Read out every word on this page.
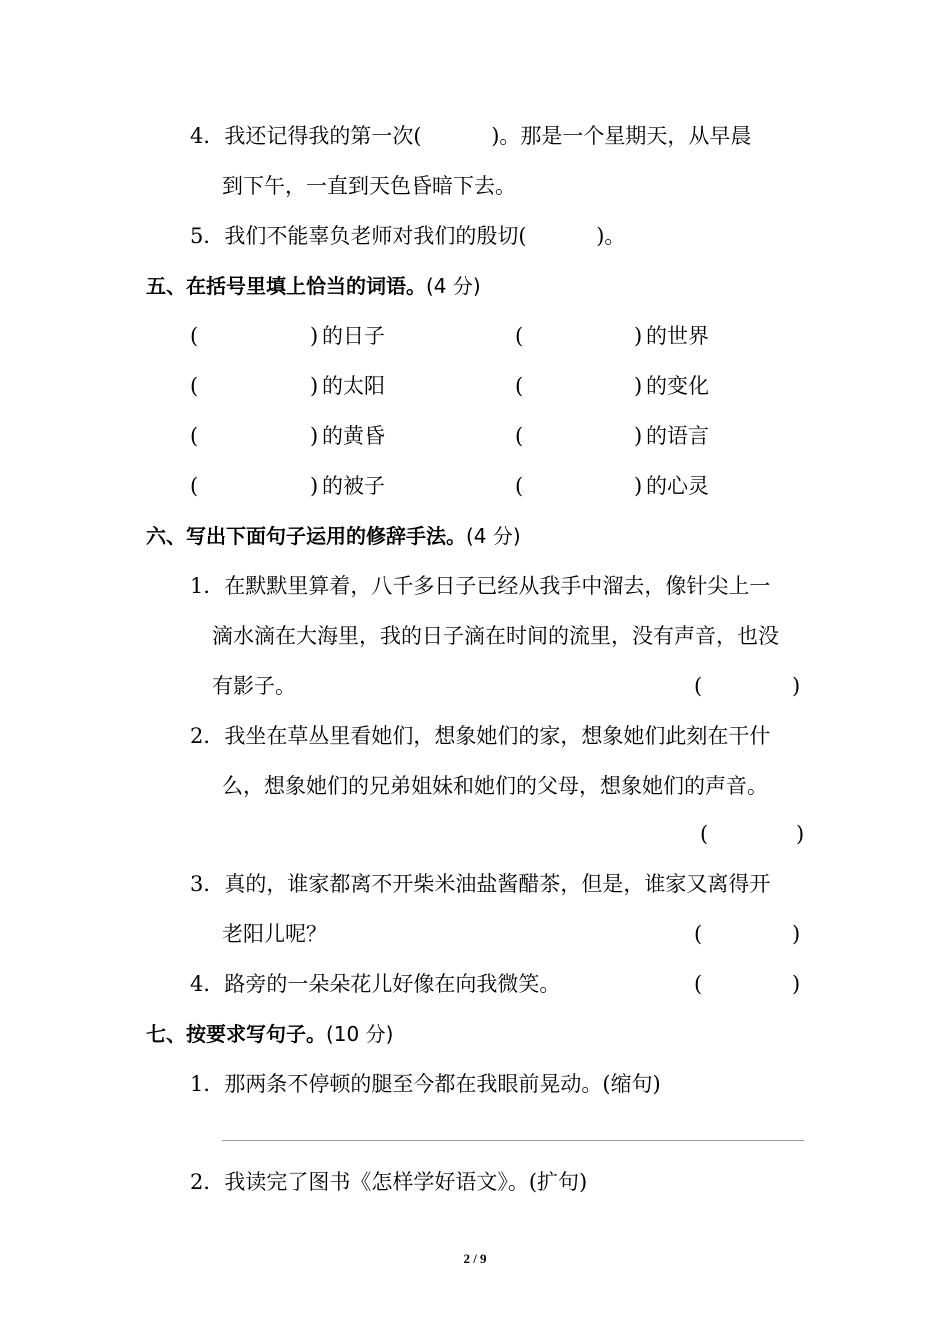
4．我还记得我的第一次(　　　 )。那是一个星期天，从早晨
到下午，一直到天色昏暗下去。
5．我们不能辜负老师对我们的殷切(　　　 )。
五、在括号里填上恰当的词语。(4 分)
(	) 的日子	(	) 的世界
(	) 的太阳	(	) 的变化
(	) 的黄昏	(	) 的语言
(	) 的被子	(	) 的心灵
六、写出下面句子运用的修辞手法。(4 分)
1．在默默里算着，八千多日子已经从我手中溜去，像针尖上一
滴水滴在大海里，我的日子滴在时间的流里，没有声音，也没
有影子。	(	)
2．我坐在草丛里看她们，想象她们的家，想象她们此刻在干什
么，想象她们的兄弟姐妹和她们的父母，想象她们的声音。
(	)
3．真的，谁家都离不开柴米油盐酱醋茶，但是，谁家又离得开
老阳儿呢？	(	)
4．路旁的一朵朵花儿好像在向我微笑。	(	)
七、按要求写句子。(10 分)
1．那两条不停顿的腿至今都在我眼前晃动。(缩句)
2．我读完了图书《怎样学好语文》。(扩句)
2 / 9
